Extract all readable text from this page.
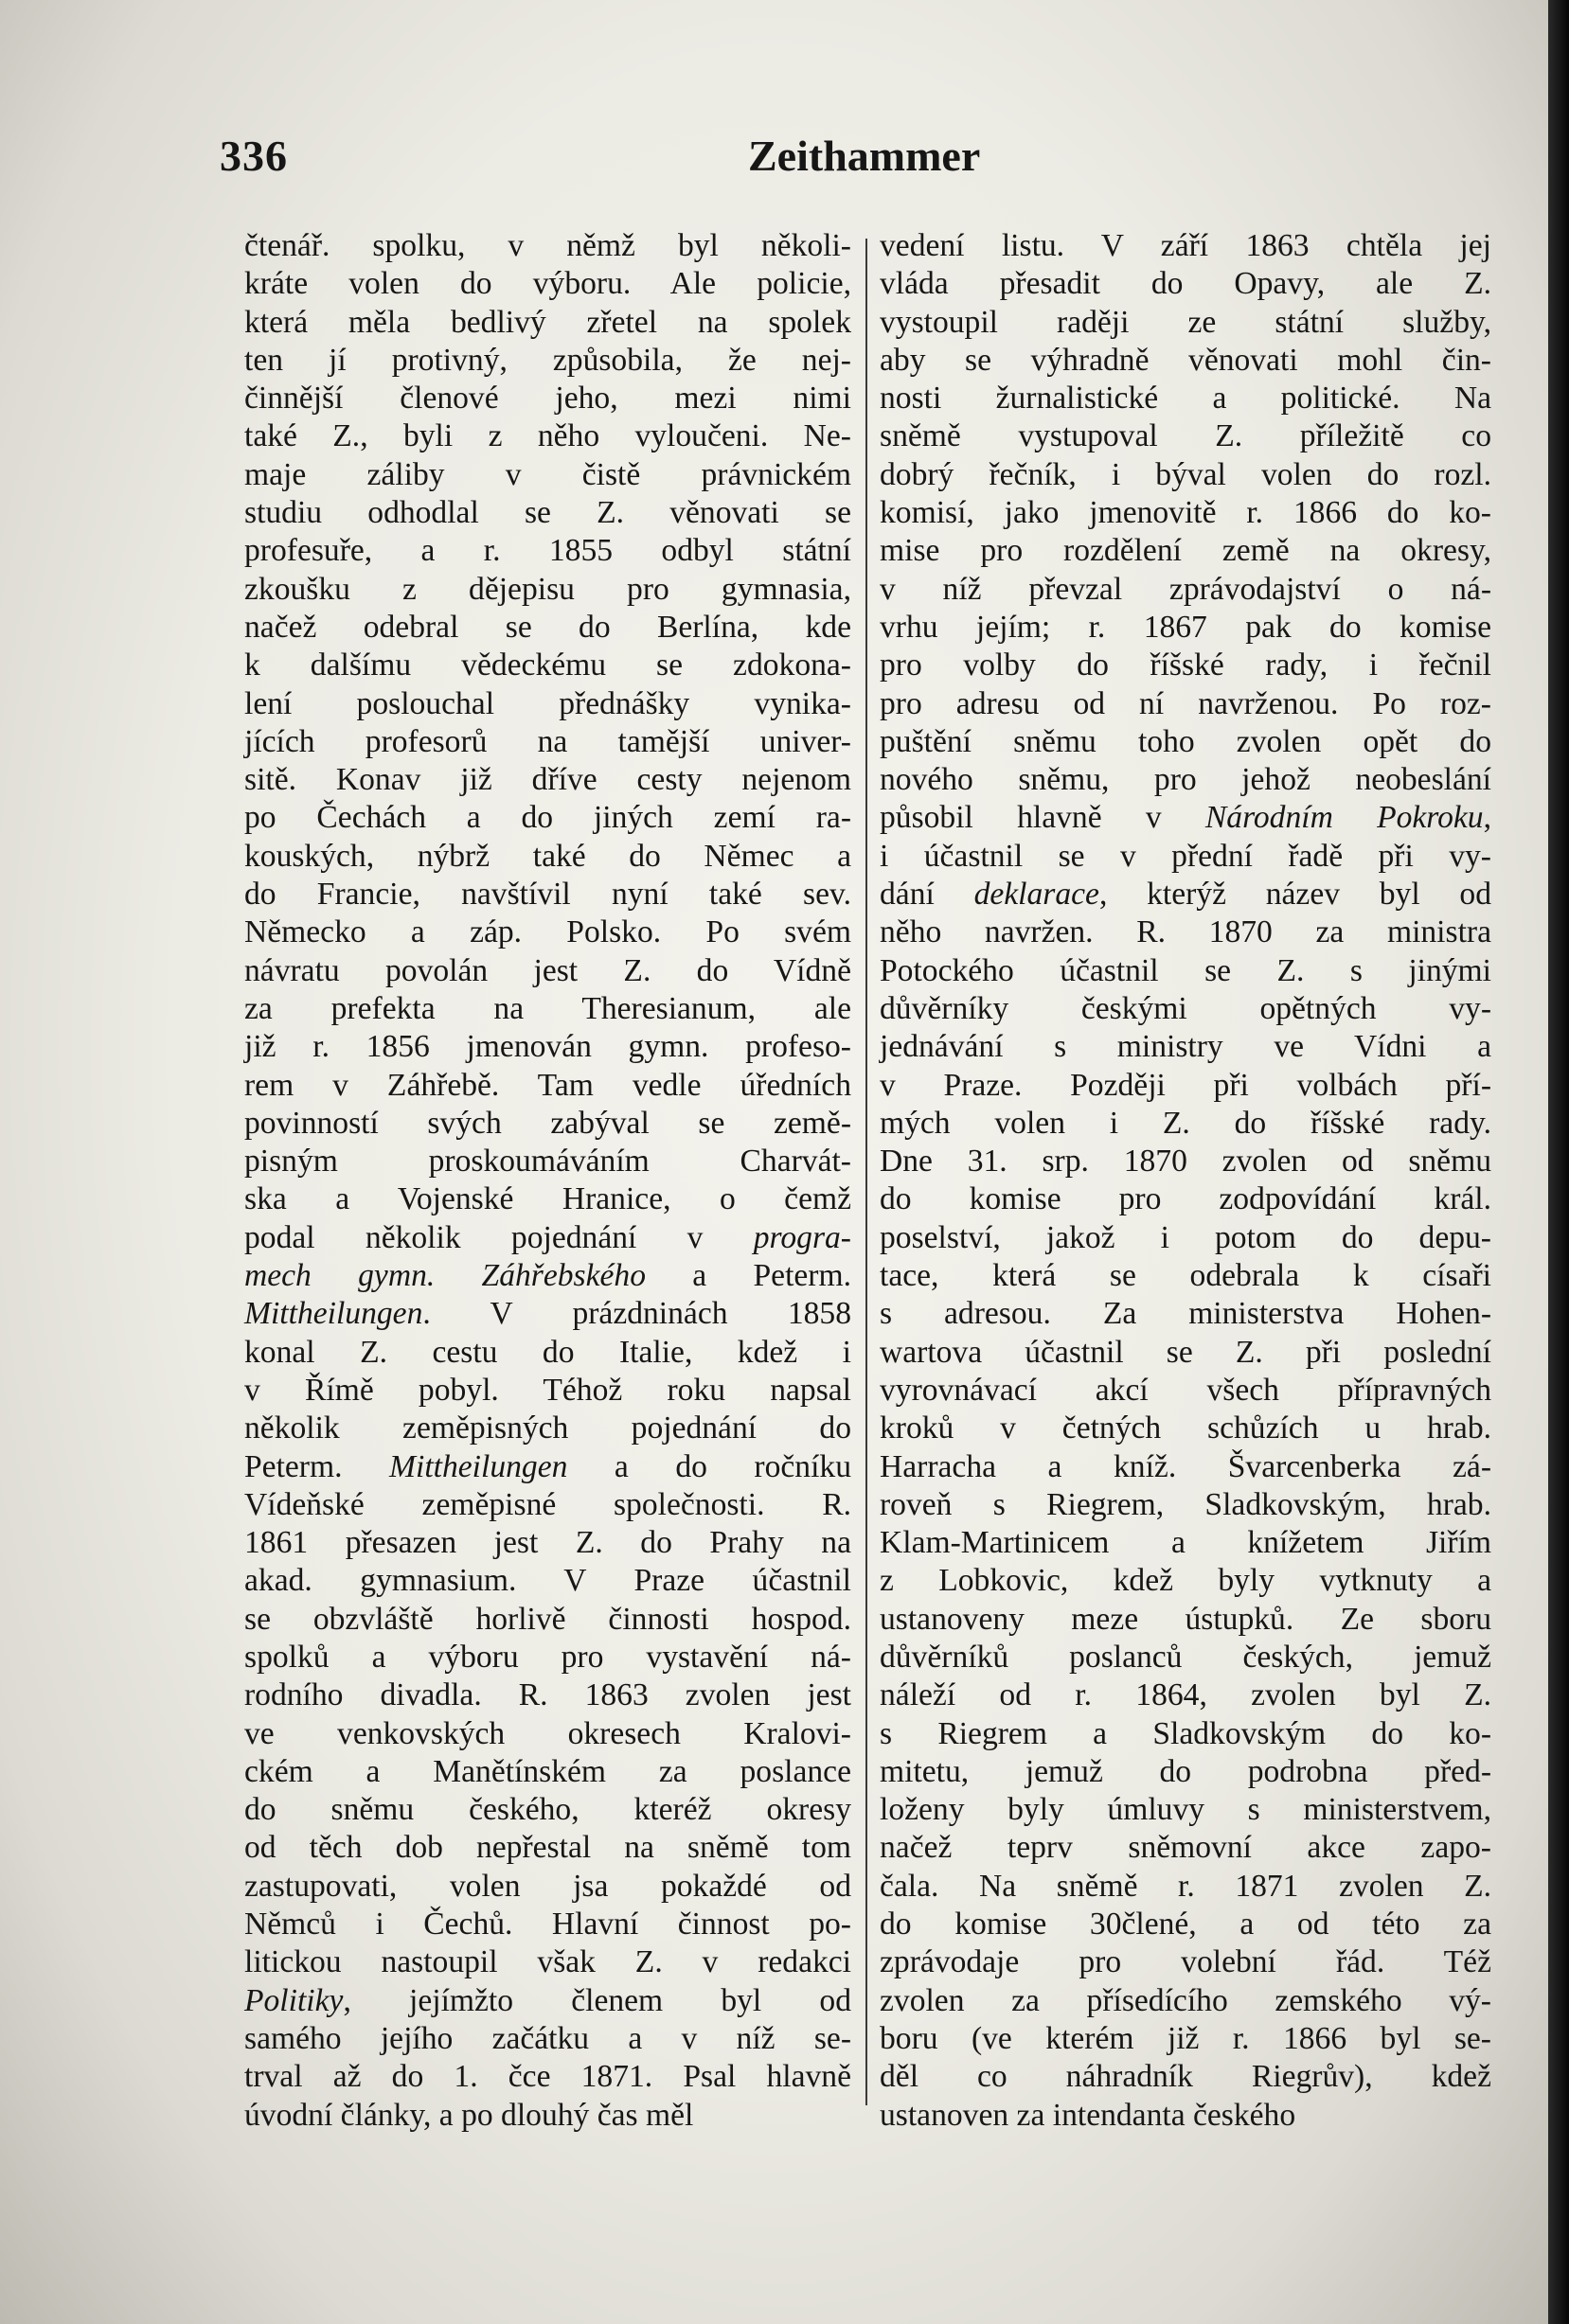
336	Zeithammer
čtenář. spolku, v němž byl několi-
kráte volen do výboru. Ale policie,
která měla bedlivý zřetel na spolek
ten jí protivný, způsobila, že nej-
činnější členové jeho, mezi nimi
také Z., byli z něho vyloučeni. Ne-
maje záliby v čistě právnickém
studiu odhodlal se Z. věnovati se
profesuře, a r. 1855 odbyl státní
zkoušku z dějepisu pro gymnasia,
načež odebral se do Berlína, kde
k dalšímu vědeckému se zdokona-
lení poslouchal přednášky vynika-
jících profesorů na tamější univer-
sitě. Konav již dříve cesty nejenom
po Čechách a do jiných zemí ra-
kouských, nýbrž také do Němec a
do Francie, navštívil nyní také sev.
Německo a záp. Polsko. Po svém
návratu povolán jest Z. do Vídně
za prefekta na Theresianum, ale
již r. 1856 jmenován gymn. profeso-
rem v Záhřebě. Tam vedle úředních
povinností svých zabýval se země-
pisným proskoumáváním Charvát-
ska a Vojenské Hranice, o čemž
podal několik pojednání v progra-
mech gymn. Záhřebského a Peterm.
Mittheilungen. V prázdninách 1858
konal Z. cestu do Italie, kdež i
v Římě pobyl. Téhož roku napsal
několik zeměpisných pojednání do
Peterm. Mittheilungen a do ročníku
Vídeňské zeměpisné společnosti. R.
1861 přesazen jest Z. do Prahy na
akad. gymnasium. V Praze účastnil
se obzvláště horlivě činnosti hospod.
spolků a výboru pro vystavění ná-
rodního divadla. R. 1863 zvolen jest
ve venkovských okresech Kralovi-
ckém a Manětínském za poslance
do sněmu českého, kteréž okresy
od těch dob nepřestal na sněmě tom
zastupovati, volen jsa pokaždé od
Němců i Čechů. Hlavní činnost po-
litickou nastoupil však Z. v redakci
Politiky, jejímžto členem byl od
samého jejího začátku a v níž se-
trval až do 1. čce 1871. Psal hlavně
úvodní články, a po dlouhý čas měl
vedení listu. V září 1863 chtěla jej
vláda přesadit do Opavy, ale Z.
vystoupil raději ze státní služby,
aby se výhradně věnovati mohl čin-
nosti žurnalistické a politické. Na
sněmě vystupoval Z. příležitě co
dobrý řečník, i býval volen do rozl.
komisí, jako jmenovitě r. 1866 do ko-
mise pro rozdělení země na okresy,
v níž převzal zprávodajství o ná-
vrhu jejím; r. 1867 pak do komise
pro volby do říšské rady, i řečnil
pro adresu od ní navrženou. Po roz-
puštění sněmu toho zvolen opět do
nového sněmu, pro jehož neobeslání
působil hlavně v Národním Pokroku,
i účastnil se v přední řadě při vy-
dání deklarace, kterýž název byl od
něho navržen. R. 1870 za ministra
Potockého účastnil se Z. s jinými
důvěrníky českými opětných vy-
jednávání s ministry ve Vídni a
v Praze. Později při volbách pří-
mých volen i Z. do říšské rady.
Dne 31. srp. 1870 zvolen od sněmu
do komise pro zodpovídání král.
poselství, jakož i potom do depu-
tace, která se odebrala k císaři
s adresou. Za ministerstva Hohen-
wartova účastnil se Z. při poslední
vyrovnávací akcí všech přípravných
kroků v četných schůzích u hrab.
Harracha a kníž. Švarcenberka zá-
roveň s Riegrem, Sladkovským, hrab.
Klam-Martinicem a knížetem Jiřím
z Lobkovic, kdež byly vytknuty a
ustanoveny meze ústupků. Ze sboru
důvěrníků poslanců českých, jemuž
náleží od r. 1864, zvolen byl Z.
s Riegrem a Sladkovským do ko-
mitetu, jemuž do podrobna před-
loženy byly úmluvy s ministerstvem,
načež teprv sněmovní akce zapo-
čala. Na sněmě r. 1871 zvolen Z.
do komise 30člené, a od této za
zprávodaje pro volební řád. Též
zvolen za přísedícího zemského vý-
boru (ve kterém již r. 1866 byl se-
děl co náhradník Riegrův), kdež
ustanoven za intendanta českého
